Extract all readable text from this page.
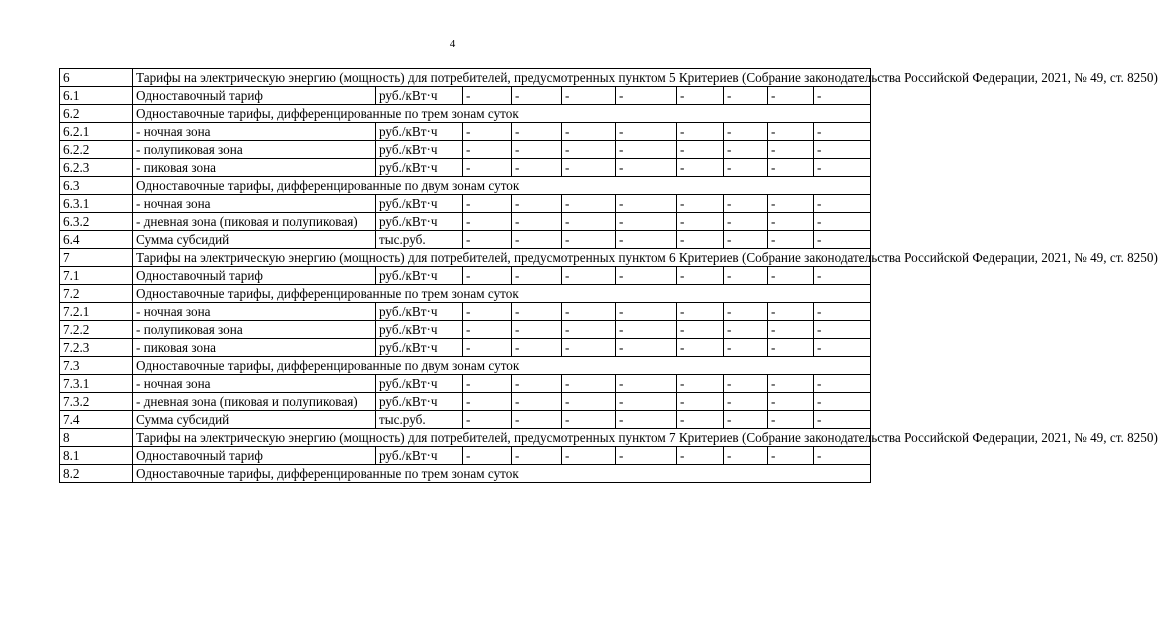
4
6	Тарифы на электрическую энергию (мощность) для потребителей, предусмотренных пунктом 5 Критериев (Собрание законодательства Российской Федерации, 2021, № 49, ст. 8250)									
6.1	Одноставочный тариф	руб./кВт·ч	-	-	-	-	-	-	-	-
6.2	Одноставочные тарифы, дифференцированные по трем зонам суток									
6.2.1	- ночная зона	руб./кВт·ч	-	-	-	-	-	-	-	-
6.2.2	- полупиковая зона	руб./кВт·ч	-	-	-	-	-	-	-	-
6.2.3	- пиковая зона	руб./кВт·ч	-	-	-	-	-	-	-	-
6.3	Одноставочные тарифы, дифференцированные по двум зонам суток									
6.3.1	- ночная зона	руб./кВт·ч	-	-	-	-	-	-	-	-
6.3.2	- дневная зона (пиковая и полупиковая)	руб./кВт·ч	-	-	-	-	-	-	-	-
6.4	Сумма субсидий	тыс.руб.	-	-	-	-	-	-	-	-
7	Тарифы на электрическую энергию (мощность) для потребителей, предусмотренных пунктом 6 Критериев (Собрание законодательства Российской Федерации, 2021, № 49, ст. 8250)									
7.1	Одноставочный тариф	руб./кВт·ч	-	-	-	-	-	-	-	-
7.2	Одноставочные тарифы, дифференцированные по трем зонам суток									
7.2.1	- ночная зона	руб./кВт·ч	-	-	-	-	-	-	-	-
7.2.2	- полупиковая зона	руб./кВт·ч	-	-	-	-	-	-	-	-
7.2.3	- пиковая зона	руб./кВт·ч	-	-	-	-	-	-	-	-
7.3	Одноставочные тарифы, дифференцированные по двум зонам суток									
7.3.1	- ночная зона	руб./кВт·ч	-	-	-	-	-	-	-	-
7.3.2	- дневная зона (пиковая и полупиковая)	руб./кВт·ч	-	-	-	-	-	-	-	-
7.4	Сумма субсидий	тыс.руб.	-	-	-	-	-	-	-	-
8	Тарифы на электрическую энергию (мощность) для потребителей, предусмотренных пунктом 7 Критериев (Собрание законодательства Российской Федерации, 2021, № 49, ст. 8250)									
8.1	Одноставочный тариф	руб./кВт·ч	-	-	-	-	-	-	-	-
8.2	Одноставочные тарифы, дифференцированные по трем зонам суток									
